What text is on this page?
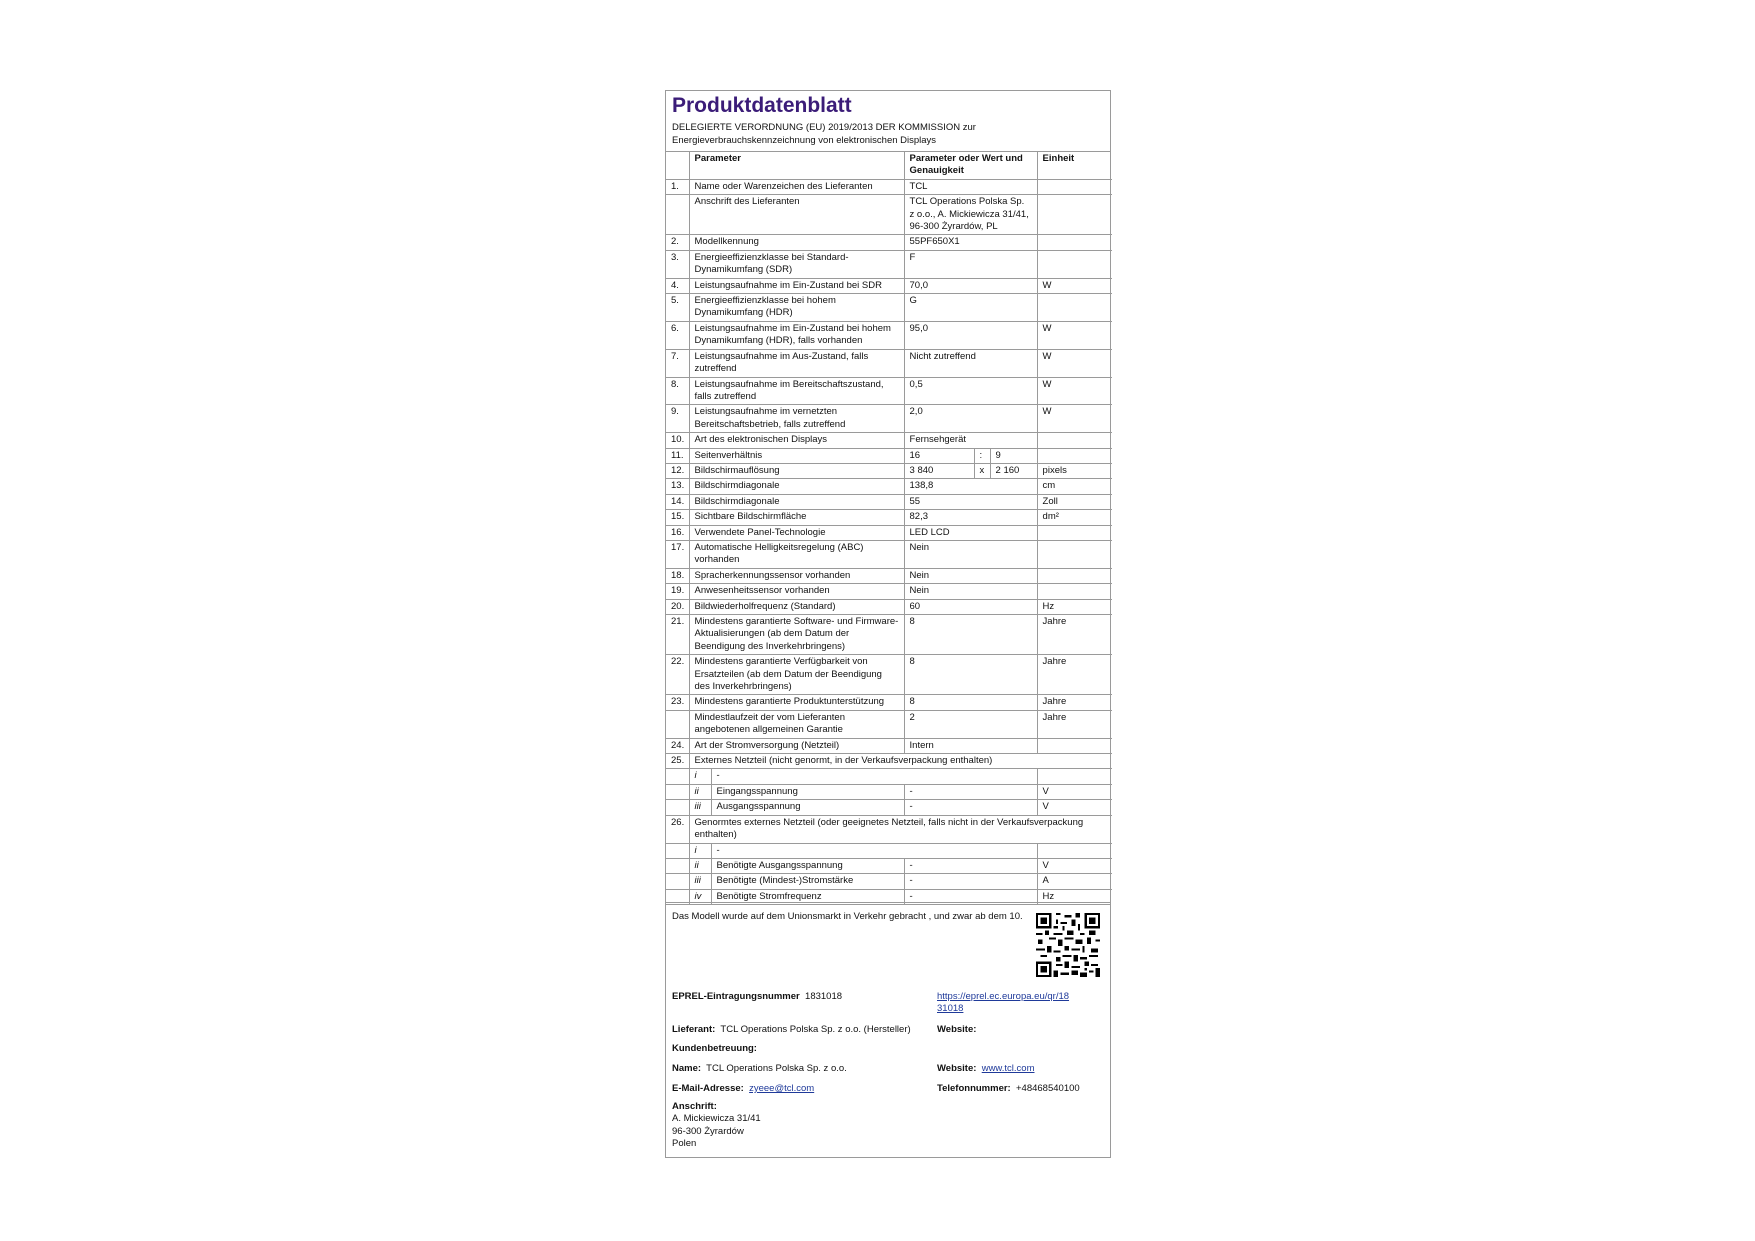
Produktdatenblatt
DELEGIERTE VERORDNUNG (EU) 2019/2013 DER KOMMISSION zur
Energieverbrauchskennzeichnung von elektronischen Displays
	Parameter		Parameter oder Wert und Genauigkeit			Einheit
1.	Name oder Warenzeichen des Lieferanten		TCL			
	Anschrift des Lieferanten		TCL Operations Polska Sp. z o.o., A. Mickiewicza 31/41, 96-300 Żyrardów, PL			
2.	Modellkennung		55PF650X1			
3.	Energieeffizienzklasse bei Standard-Dynamikumfang (SDR)		F			
4.	Leistungsaufnahme im Ein-Zustand bei SDR		70,0			W
5.	Energieeffizienzklasse bei hohem Dynamikumfang (HDR)		G			
6.	Leistungsaufnahme im Ein-Zustand bei hohem Dynamikumfang (HDR), falls vorhanden		95,0			W
7.	Leistungsaufnahme im Aus-Zustand, falls zutreffend		Nicht zutreffend			W
8.	Leistungsaufnahme im Bereitschaftszustand, falls zutreffend		0,5			W
9.	Leistungsaufnahme im vernetzten Bereitschaftsbetrieb, falls zutreffend		2,0			W
10.	Art des elektronischen Displays		Fernsehgerät			
11.	Seitenverhältnis		16	:	9	
12.	Bildschirmauflösung		3 840	x	2 160	pixels
13.	Bildschirmdiagonale		138,8			cm
14.	Bildschirmdiagonale		55			Zoll
15.	Sichtbare Bildschirmfläche		82,3			dm²
16.	Verwendete Panel-Technologie		LED LCD			
17.	Automatische Helligkeitsregelung (ABC) vorhanden		Nein			
18.	Spracherkennungssensor vorhanden		Nein			
19.	Anwesenheitssensor vorhanden		Nein			
20.	Bildwiederholfrequenz (Standard)		60			Hz
21.	Mindestens garantierte Software- und Firmware-Aktualisierungen (ab dem Datum der Beendigung des Inverkehrbringens)		8			Jahre
22.	Mindestens garantierte Verfügbarkeit von Ersatzteilen (ab dem Datum der Beendigung des Inverkehrbringens)		8			Jahre
23.	Mindestens garantierte Produktunterstützung		8			Jahre
	Mindestlaufzeit der vom Lieferanten angebotenen allgemeinen Garantie		2			Jahre
24.	Art der Stromversorgung (Netzteil)		Intern			
25.	Externes Netzteil (nicht genormt, in der Verkaufsverpackung enthalten)					
	i	-				
	ii	Eingangsspannung	-			V
	iii	Ausgangsspannung	-			V
26.	Genormtes externes Netzteil (oder geeignetes Netzteil, falls nicht in der Verkaufsverpackung enthalten)					
	i	-				
	ii	Benötigte Ausgangsspannung	-			V
	iii	Benötigte (Mindest-)Stromstärke	-			A
	iv	Benötigte Stromfrequenz	-			Hz
Das Modell wurde auf dem Unionsmarkt in Verkehr gebracht , und zwar ab dem 10.
EPREL-Eintragungsnummer 1831018	https://eprel.ec.europa.eu/qr/18
31018
Lieferant: TCL Operations Polska Sp. z o.o. (Hersteller)	Website:
Kundenbetreuung:
Name: TCL Operations Polska Sp. z o.o.	Website: www.tcl.com
E-Mail-Adresse: zyeee@tcl.com	Telefonnummer: +48468540100
Anschrift:
A. Mickiewicza 31/41
96-300 Żyrardów
Polen
